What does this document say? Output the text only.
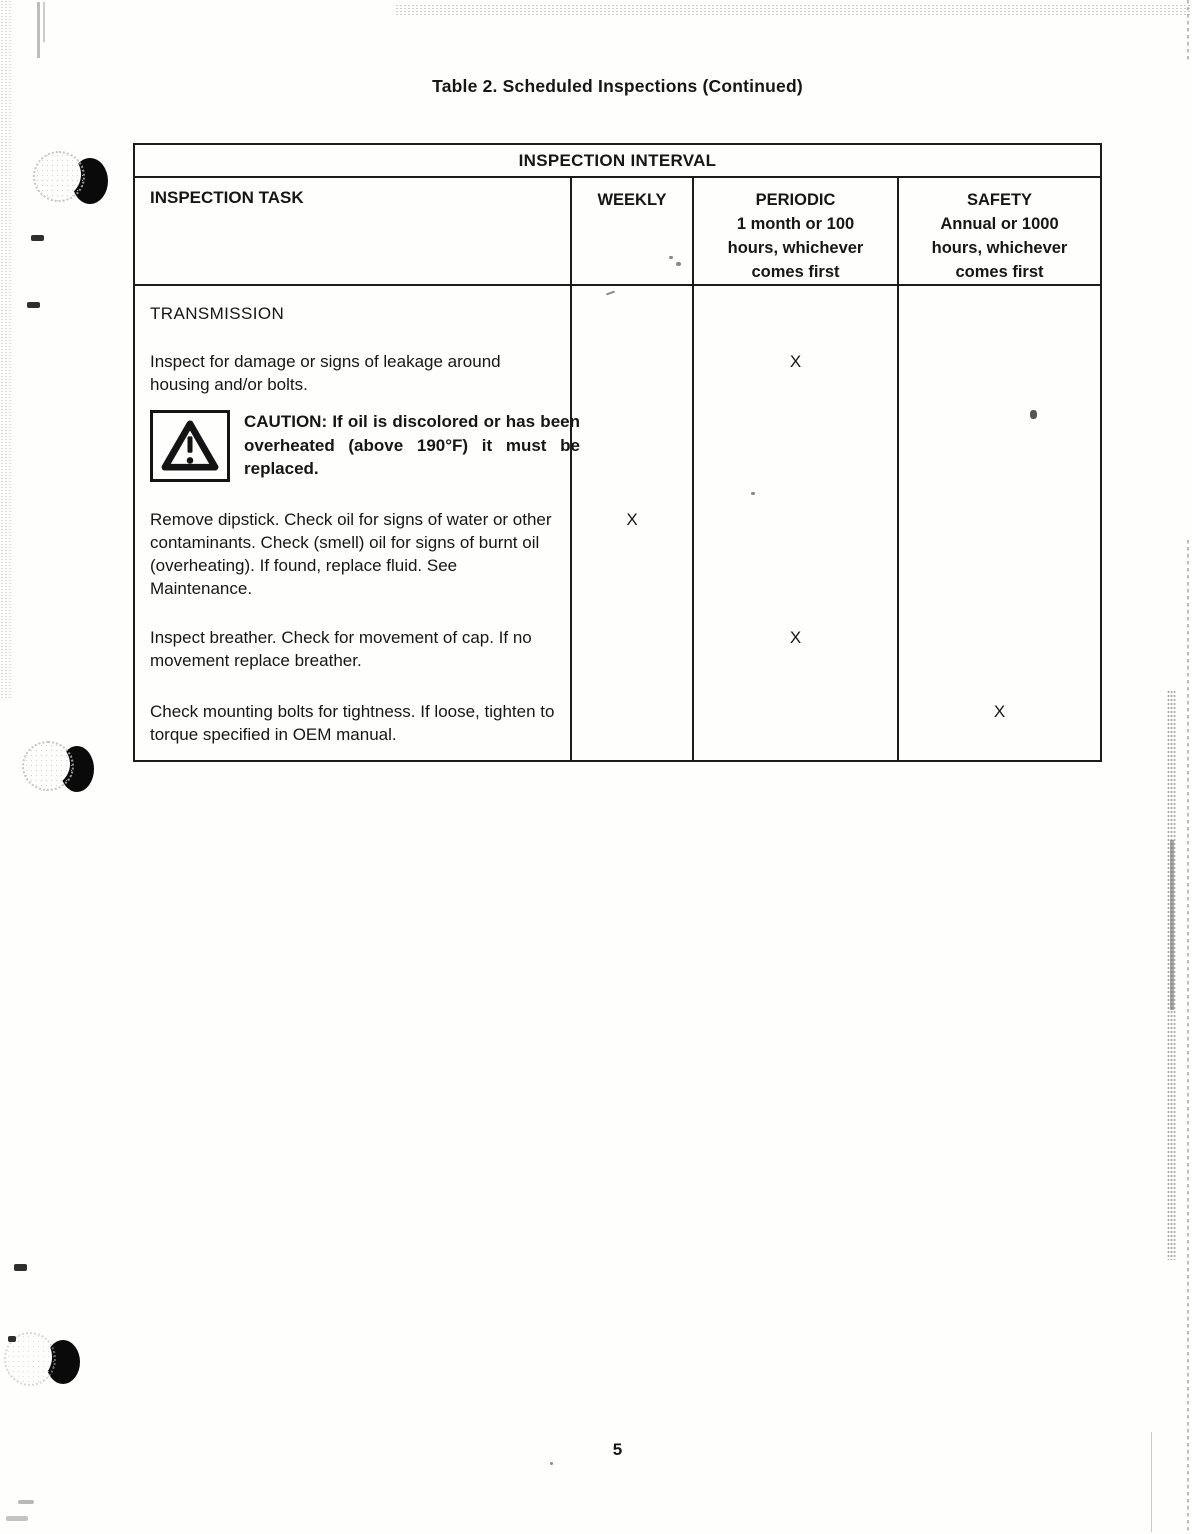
Table 2. Scheduled Inspections (Continued)
INSPECTION INTERVAL
INSPECTION TASK	WEEKLY	PERIODIC
1 month or 100 hours, whichever comes first
SAFETY
Annual or 1000 hours, whichever comes first
TRANSMISSION
Inspect for damage or signs of leakage around housing and/or bolts.
X
CAUTION: If oil is discolored or has been overheated (above 190°F) it must be replaced.
Remove dipstick. Check oil for signs of water or other contaminants. Check (smell) oil for signs of burnt oil (overheating). If found, replace fluid. See Maintenance.
X
Inspect breather. Check for movement of cap. If no movement replace breather.
X
Check mounting bolts for tightness. If loose, tighten to torque specified in OEM manual.
X
5
